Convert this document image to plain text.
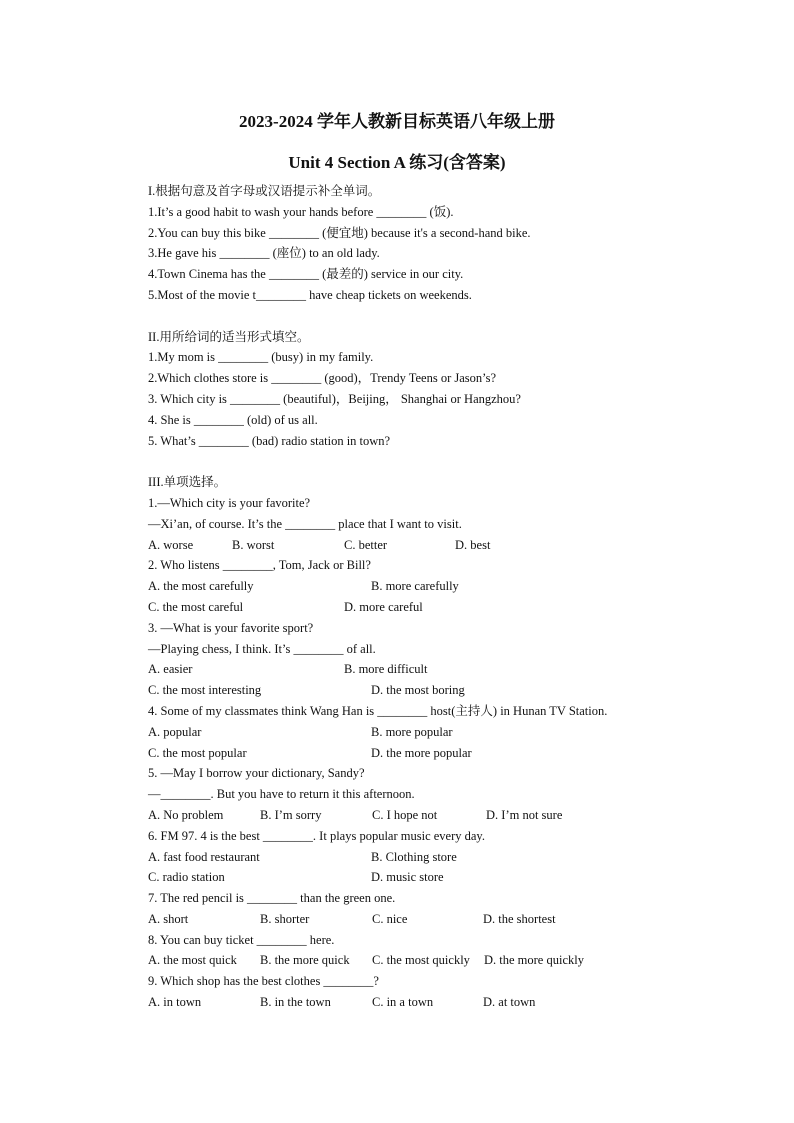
2023-2024 学年人教新目标英语八年级上册
Unit 4 Section A 练习(含答案)
I.根据句意及首字母或汉语提示补全单词。
1.It’s a good habit to wash your hands before ________ (饭).
2.You can buy this bike ________ (便宜地) because it's a second-hand bike.
3.He gave his ________ (座位) to an old lady.
4.Town Cinema has the ________ (最差的) service in our city.
5.Most of the movie t________ have cheap tickets on weekends.
II.用所给词的适当形式填空。
1.My mom is ________ (busy) in my family.
2.Which clothes store is ________ (good)，Trendy Teens or Jason’s?
3. Which city is ________ (beautiful)，Beijing， Shanghai or Hangzhou?
4. She is ________ (old) of us all.
5. What’s ________ (bad) radio station in town?
III.单项选择。
1.—Which city is your favorite?
—Xi’an, of course. It’s the ________ place that I want to visit.
A. worse	B. worst	C. better	D. best
2. Who listens ________, Tom, Jack or Bill?
A. the most carefully	B. more carefully
C. the most careful	D. more careful
3. —What is your favorite sport?
—Playing chess, I think. It’s ________ of all.
A. easier	B. more difficult
C. the most interesting	D. the most boring
4. Some of my classmates think Wang Han is ________ host(主持人) in Hunan TV Station.
A. popular	B. more popular
C. the most popular	D. the more popular
5. —May I borrow your dictionary, Sandy?
—________. But you have to return it this afternoon.
A. No problem	B. I’m sorry	C. I hope not	D. I’m not sure
6. FM 97. 4 is the best ________. It plays popular music every day.
A. fast food restaurant	B. Clothing store
C. radio station	D. music store
7. The red pencil is ________ than the green one.
A. short	B. shorter	C. nice	D. the shortest
8. You can buy ticket ________ here.
A. the most quick B. the more quick C. the most quickly D. the more quickly
9. Which shop has the best clothes ________?
A. in town	B. in the town	C. in a town	D. at town
